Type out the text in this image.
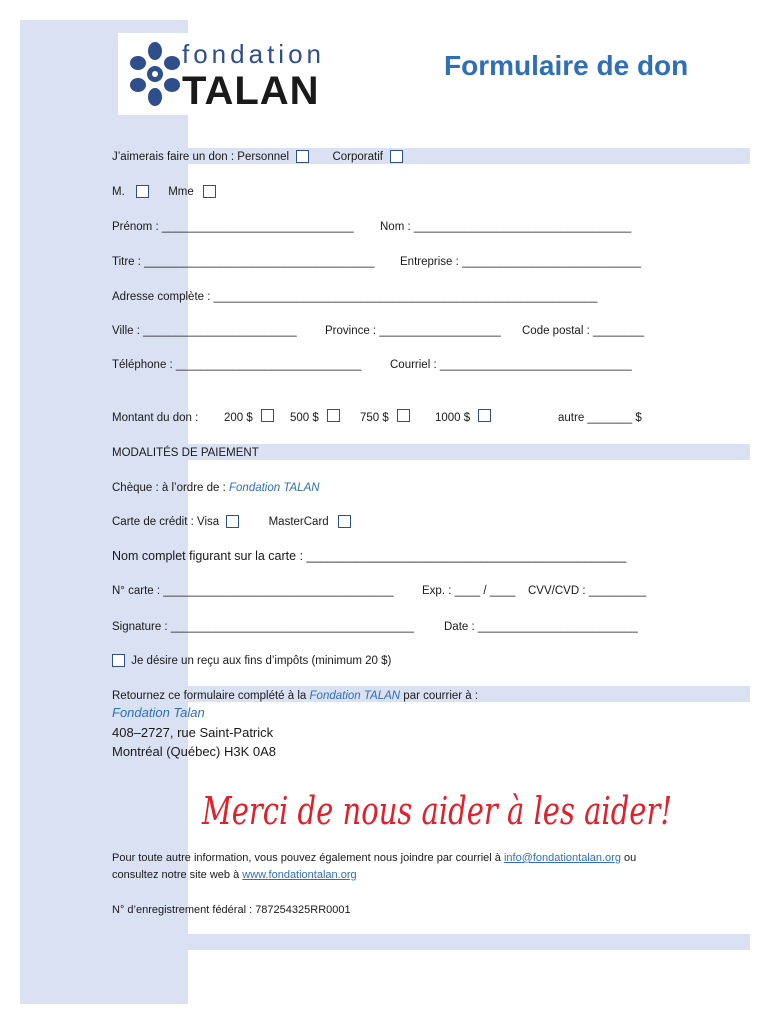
fondation
TALAN
Formulaire de don
J’aimerais faire un don : Personnel	Corporatif
M.	Mme
Prénom : ______________________________ Nom : __________________________________
Titre : ____________________________________ Entreprise : ____________________________
Adresse complète : ____________________________________________________________
Ville : ________________________ Province : ___________________ Code postal : ________
Téléphone : _____________________________ Courriel : ______________________________
Montant du don : 200 $	500 $	750 $	1000 $	autre _______ $
MODALITÉS DE PAIEMENT
Chèque : à l’ordre de : Fondation TALAN
Carte de crédit : Visa	MasterCard
Nom complet figurant sur la carte : ______________________________________________
N° carte : ____________________________________ Exp. : ____ / ____ CVV/CVD : _________
Signature : ______________________________________	Date : _________________________
Je désire un reçu aux fins d’impôts (minimum 20 $)
Retournez ce formulaire complété à la Fondation TALAN par courrier à :
Fondation Talan
408–2727, rue Saint-Patrick
Montréal (Québec) H3K 0A8
Merci de nous aider à les aider!
Pour toute autre information, vous pouvez également nous joindre par courriel à info@fondationtalan.org ou
consultez notre site web à www.fondationtalan.org
N° d’enregistrement fédéral : 787254325RR0001
